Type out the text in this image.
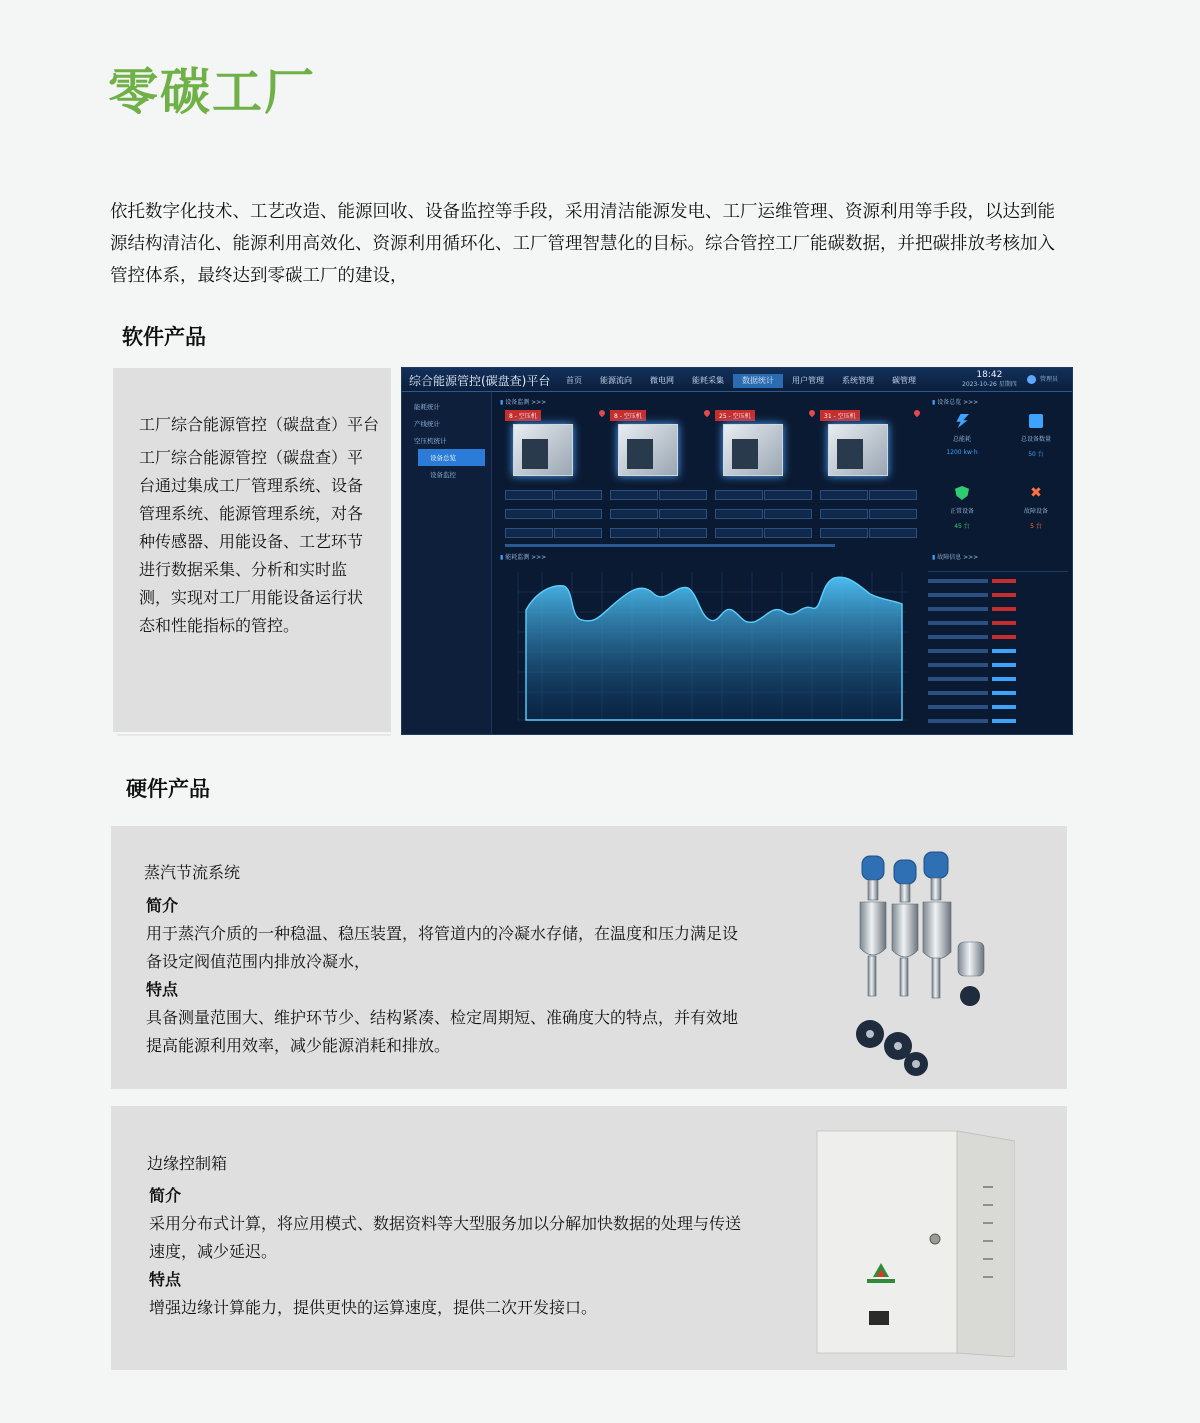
零碳工厂
依托数字化技术、工艺改造、能源回收、设备监控等手段，采用清洁能源发电、工厂运维管理、资源利用等手段，以达到能源结构清洁化、能源利用高效化、资源利用循环化、工厂管理智慧化的目标。综合管控工厂能碳数据，并把碳排放考核加入管控体系，最终达到零碳工厂的建设，
软件产品
工厂综合能源管控（碳盘查）平台
工厂综合能源管控（碳盘查）平台通过集成工厂管理系统、设备管理系统、能源管理系统，对各种传感器、用能设备、工艺环节进行数据采集、分析和实时监测，实现对工厂用能设备运行状态和性能指标的管控。
综合能源管控(碳盘查)平台	首页	能源流向	微电网	能耗采集	数据统计	用户管理	系统管理	碳管理
18:42
2023-10-26 星期四
管理员
能耗统计
产线统计
空压机统计
设备总览
设备监控
▮ 设备监测 >>>
▮	设备总览 >>>
8 - 空压机	8 - 空压机	25 - 空压机	31 - 空压机
▮ 能耗监测 >>>
总能耗
1200 kw·h
总设备数量
50 台
正常设备
45 台
✖
故障设备
5 台
▮ 故障信息 >>>
硬件产品
蒸汽节流系统
简介
用于蒸汽介质的一种稳温、稳压装置，将管道内的冷凝水存储，在温度和压力满足设备设定阀值范围内排放冷凝水，
特点
具备测量范围大、维护环节少、结构紧凑、检定周期短、准确度大的特点，并有效地提高能源利用效率，减少能源消耗和排放。
边缘控制箱
简介
采用分布式计算，将应用模式、数据资料等大型服务加以分解加快数据的处理与传送速度，减少延迟。
特点
增强边缘计算能力，提供更快的运算速度，提供二次开发接口。
